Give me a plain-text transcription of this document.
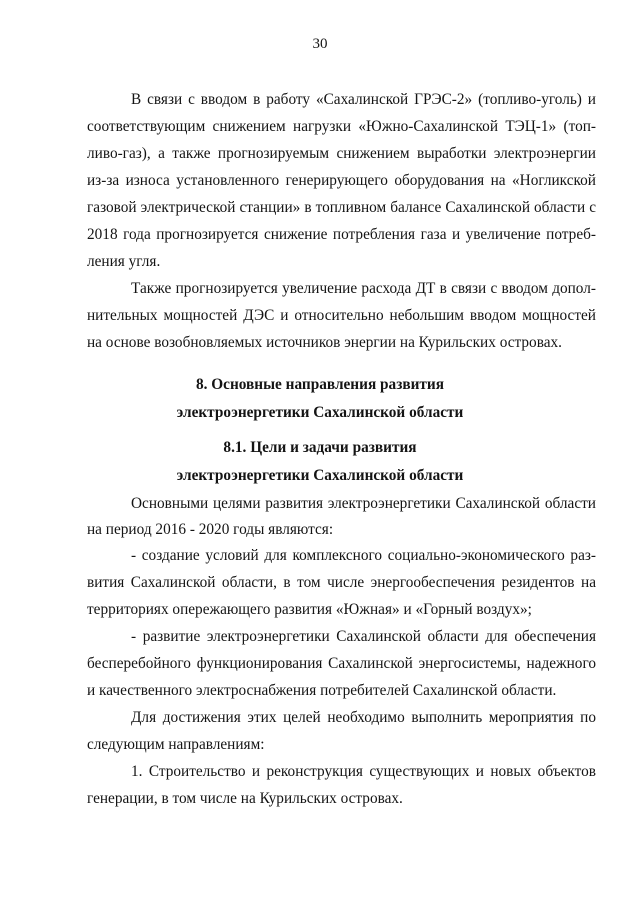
30
В связи с вводом в работу «Сахалинской ГРЭС-2» (топливо-уголь) и
соответствующим снижением нагрузки «Южно-Сахалинской ТЭЦ-1» (топ-
ливо-газ), а также прогнозируемым снижением выработки электроэнергии
из-за износа установленного генерирующего оборудования на «Ногликской
газовой электрической станции» в топливном балансе Сахалинской области с
2018 года прогнозируется снижение потребления газа и увеличение потреб-
ления угля.
Также прогнозируется увеличение расхода ДТ в связи с вводом допол-
нительных мощностей ДЭС и относительно небольшим вводом мощностей
на основе возобновляемых источников энергии на Курильских островах.
8. Основные направления развития
электроэнергетики Сахалинской области
8.1. Цели и задачи развития
электроэнергетики Сахалинской области
Основными целями развития электроэнергетики Сахалинской области
на период 2016 - 2020 годы являются:
- создание условий для комплексного социально-экономического раз-
вития Сахалинской области, в том числе энергообеспечения резидентов на
территориях опережающего развития «Южная» и «Горный воздух»;
- развитие электроэнергетики Сахалинской области для обеспечения
бесперебойного функционирования Сахалинской энергосистемы, надежного
и качественного электроснабжения потребителей Сахалинской области.
Для достижения этих целей необходимо выполнить мероприятия по
следующим направлениям:
1. Строительство и реконструкция существующих и новых объектов
генерации, в том числе на Курильских островах.
